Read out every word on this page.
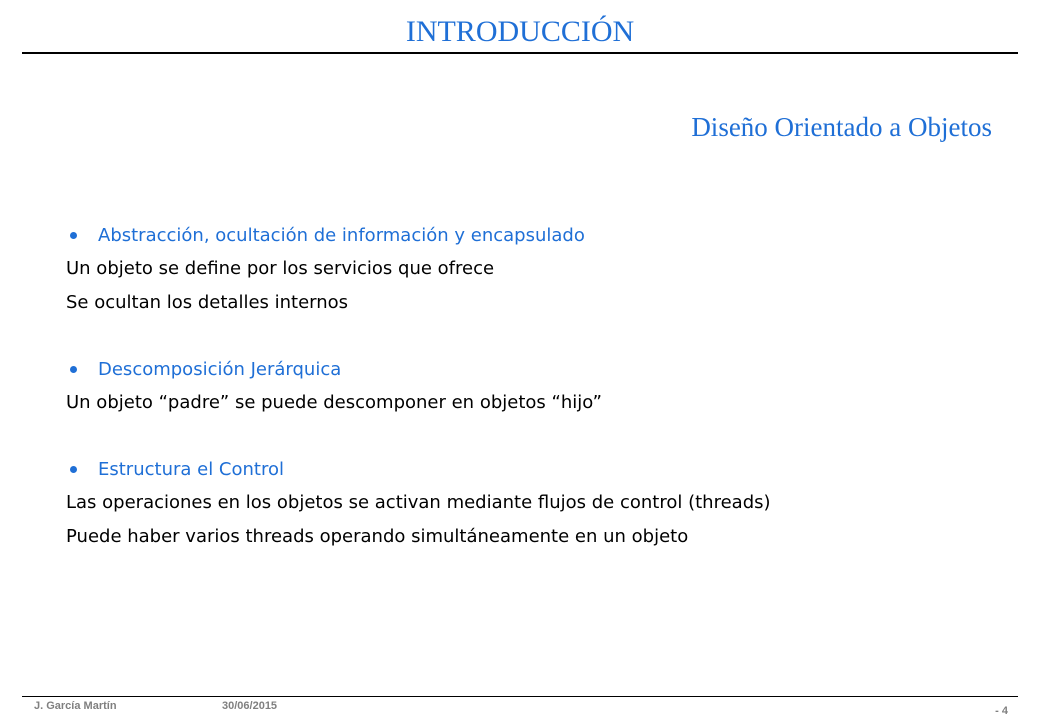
INTRODUCCIÓN
Diseño Orientado a Objetos
Abstracción, ocultación de información y encapsulado
Un objeto se define por los servicios que ofrece
Se ocultan los detalles internos
Descomposición Jerárquica
Un objeto “padre” se puede descomponer en objetos “hijo”
Estructura el Control
Las operaciones en los objetos se activan mediante flujos de control (threads)
Puede haber varios threads operando simultáneamente en un objeto
J. García Martín	30/06/2015	- 4
